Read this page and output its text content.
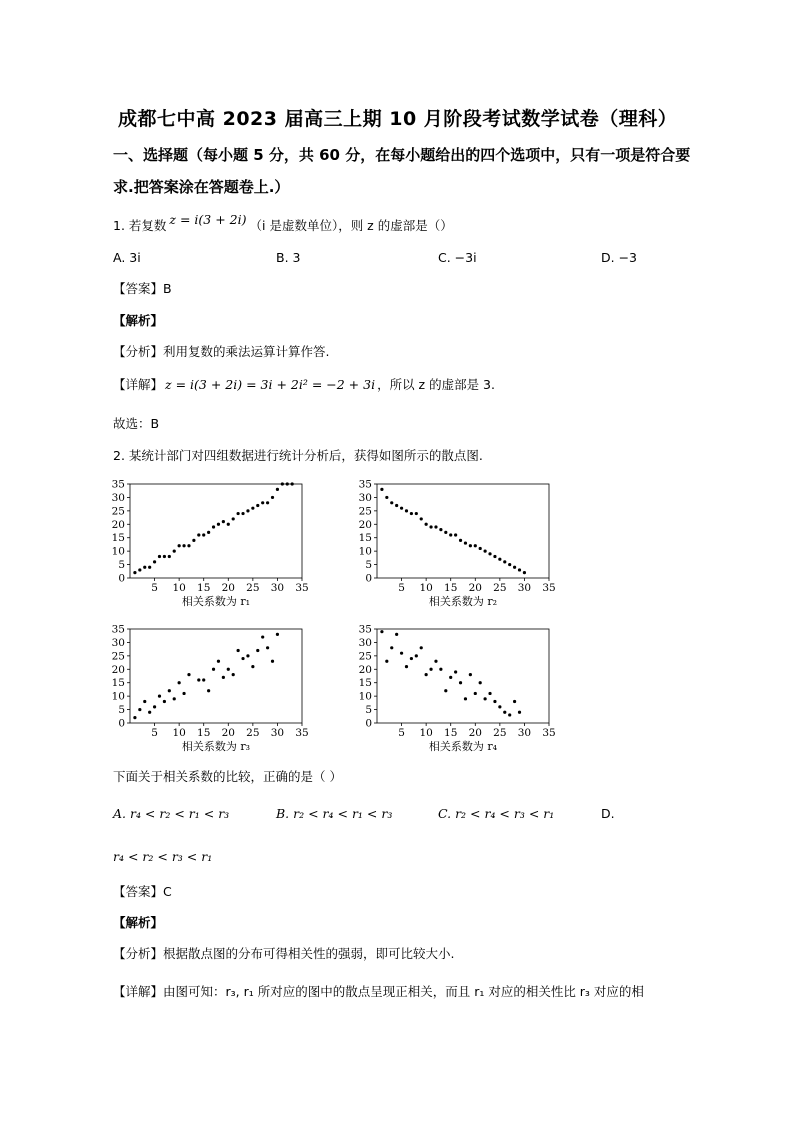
成都七中高 2023 届高三上期 10 月阶段考试数学试卷（理科）
一、选择题（每小题 5 分，共 60 分，在每小题给出的四个选项中，只有一项是符合要
求.把答案涂在答题卷上.）
1. 若复数 z = i(3 + 2i) （i 是虚数单位），则 z 的虚部是（）
A. 3i	B. 3	C. −3i	D. −3
【答案】B
【解析】
【分析】利用复数的乘法运算计算作答.
【详解】 z = i(3 + 2i) = 3i + 2i² = −2 + 3i ，所以 z 的虚部是 3.
故选：B
2. 某统计部门对四组数据进行统计分析后，获得如图所示的散点图.
0
5
10
15
20
25
30
35
5 10 15 20 25 30 35
相关系数为 r₁
0
5
10
15
20
25
30
35
5 10 15 20 25 30 35
相关系数为 r₂
0
5
10
15
20
25
30
35
5 10 15 20 25 30 35
相关系数为 r₃
0
5
10
15
20
25
30
35
5 10 15 20 25 30 35
相关系数为 r₄
下面关于相关系数的比较，正确的是（ ）
A. r₄ < r₂ < r₁ < r₃	B. r₂ < r₄ < r₁ < r₃	C. r₂ < r₄ < r₃ < r₁	D.
r₄ < r₂ < r₃ < r₁
【答案】C
【解析】
【分析】根据散点图的分布可得相关性的强弱，即可比较大小.
【详解】由图可知：r₃, r₁ 所对应的图中的散点呈现正相关，而且 r₁ 对应的相关性比 r₃ 对应的相
